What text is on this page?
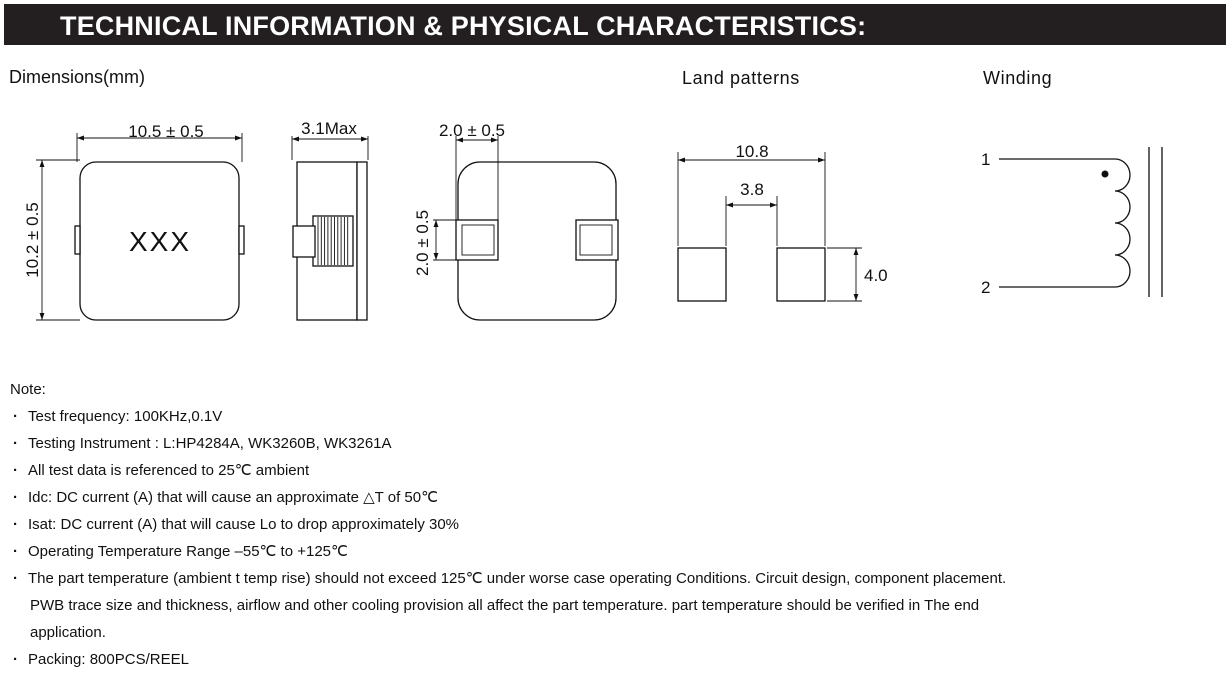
TECHNICAL INFORMATION & PHYSICAL CHARACTERISTICS:
Dimensions(mm)	Land patterns	Winding
10.5 ± 0.5
10.2 ± 0.5	XXX
3.1Max	2.0 ± 0.5
2.0 ± 0.5
10.8
3.8
4.0
1
2
Note:
· Test frequency: 100KHz,0.1V
· Testing Instrument : L:HP4284A, WK3260B, WK3261A
· All test data is referenced to 25℃ ambient
· Idc: DC current (A) that will cause an approximate △T of 50℃
· Isat: DC current (A) that will cause Lo to drop approximately 30%
· Operating Temperature Range –55℃ to +125℃
· The part temperature (ambient t temp rise) should not exceed 125℃ under worse case operating Conditions. Circuit design, component placement.
PWB trace size and thickness, airflow and other cooling provision all affect the part temperature. part temperature should be verified in The end
application.
· Packing: 800PCS/REEL
